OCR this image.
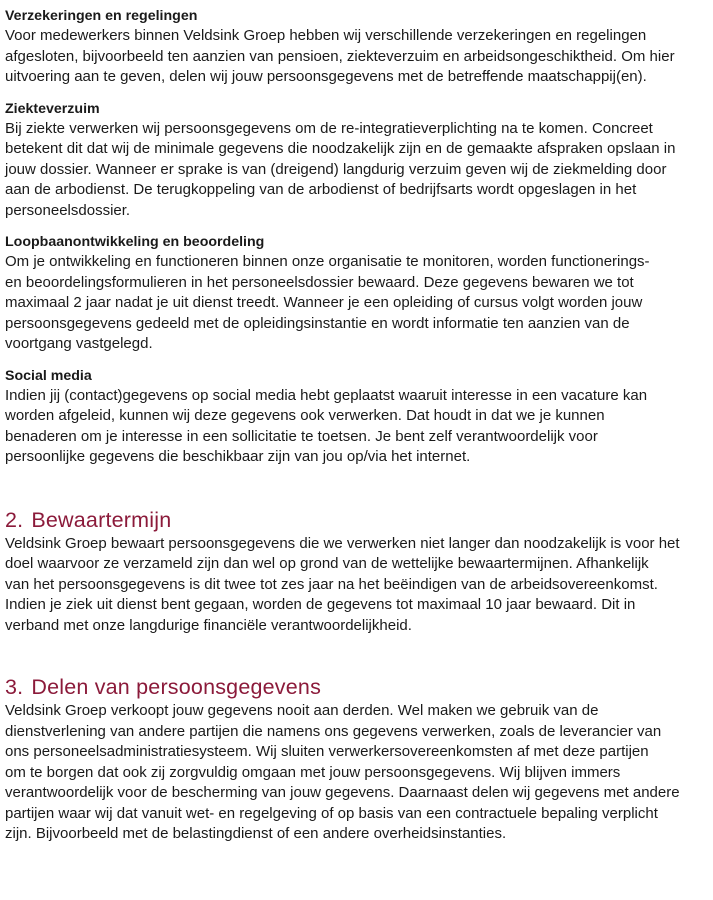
Verzekeringen en regelingen

Voor medewerkers binnen Veldsink Groep hebben wij verschillende verzekeringen en regelingen
afgesloten, bijvoorbeeld ten aanzien van pensioen, ziekteverzuim en arbeidsongeschiktheid. Om hier
uitvoering aan te geven, delen wij jouw persoonsgegevens met de betreffende maatschappij(en).

Ziekteverzuim

Bij ziekte verwerken wij persoonsgegevens om de re-integratieverplichting na te komen. Concreet
betekent dit dat wij de minimale gegevens die noodzakelijk zijn en de gemaakte afspraken opslaan in
jouw dossier. Wanneer er sprake is van (dreigend) langdurig verzuim geven wij de ziekmelding door
aan de arbodienst. De terugkoppeling van de arbodienst of bedrijfsarts wordt opgeslagen in het
personeelsdossier.

Loopbaanontwikkeling en beoordeling

Om je ontwikkeling en functioneren binnen onze organisatie te monitoren, worden functionerings-
en beoordelingsformulieren in het personeelsdossier bewaard. Deze gegevens bewaren we tot
maximaal 2 jaar nadat je uit dienst treedt. Wanneer je een opleiding of cursus volgt worden jouw
persoonsgegevens gedeeld met de opleidingsinstantie en wordt informatie ten aanzien van de
voortgang vastgelegd.

Social media

Indien jij (contact)gegevens op social media hebt geplaatst waaruit interesse in een vacature kan
worden afgeleid, kunnen wij deze gegevens ook verwerken. Dat houdt in dat we je kunnen
benaderen om je interesse in een sollicitatie te toetsen. Je bent zelf verantwoordelijk voor
persoonlijke gegevens die beschikbaar zijn van jou op/via het internet.
2. Bewaartermijn
Veldsink Groep bewaart persoonsgegevens die we verwerken niet langer dan noodzakelijk is voor het
doel waarvoor ze verzameld zijn dan wel op grond van de wettelijke bewaartermijnen. Afhankelijk
van het persoonsgegevens is dit twee tot zes jaar na het beëindigen van de arbeidsovereenkomst.
Indien je ziek uit dienst bent gegaan, worden de gegevens tot maximaal 10 jaar bewaard. Dit in
verband met onze langdurige financiële verantwoordelijkheid.
3. Delen van persoonsgegevens
Veldsink Groep verkoopt jouw gegevens nooit aan derden. Wel maken we gebruik van de
dienstverlening van andere partijen die namens ons gegevens verwerken, zoals de leverancier van
ons personeelsadministratiesysteem. Wij sluiten verwerkersovereenkomsten af met deze partijen
om te borgen dat ook zij zorgvuldig omgaan met jouw persoonsgegevens. Wij blijven immers
verantwoordelijk voor de bescherming van jouw gegevens. Daarnaast delen wij gegevens met andere
partijen waar wij dat vanuit wet- en regelgeving of op basis van een contractuele bepaling verplicht
zijn. Bijvoorbeeld met de belastingdienst of een andere overheidsinstanties.
